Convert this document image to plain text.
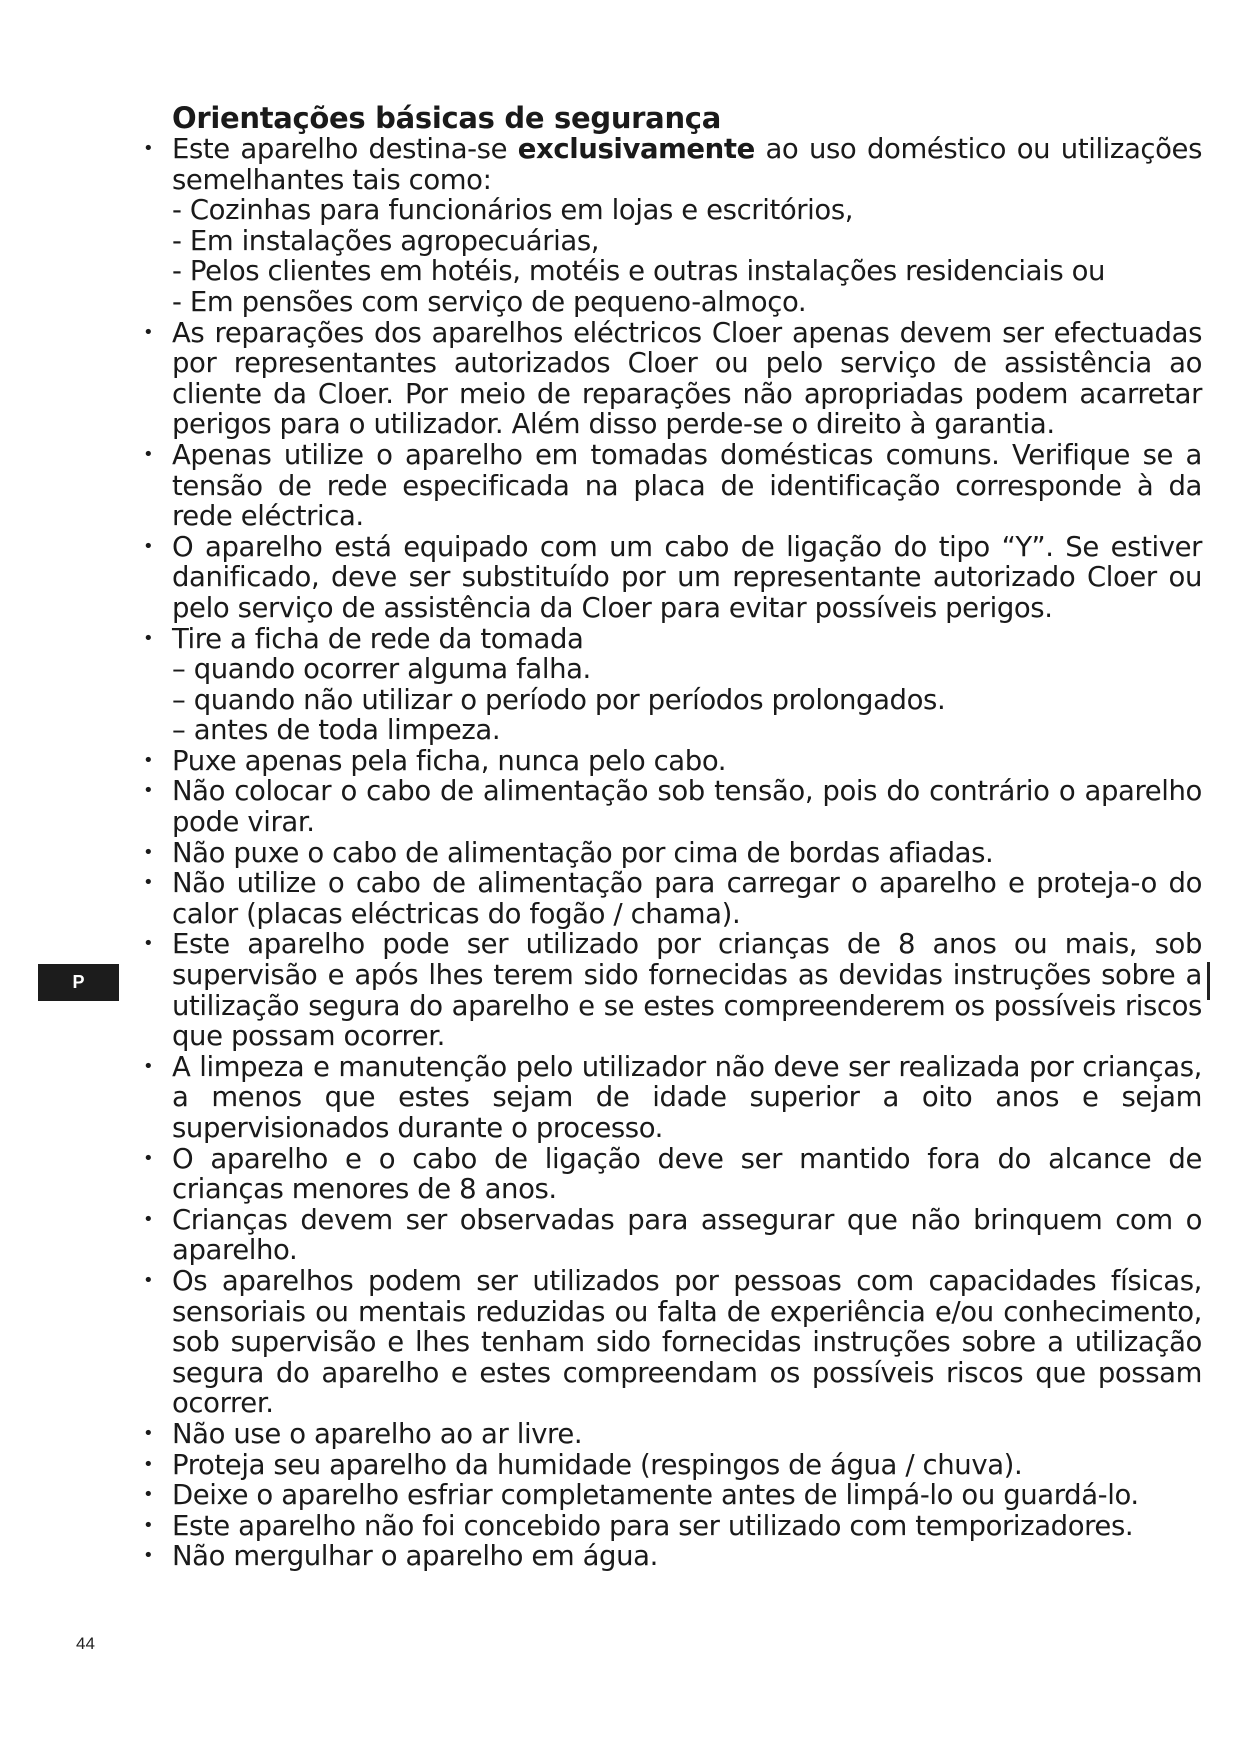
Orientações básicas de segurança
• Este aparelho destina-se exclusivamente ao uso doméstico ou utilizações semelhantes tais como:
- Cozinhas para funcionários em lojas e escritórios,
- Em instalações agropecuárias,
- Pelos clientes em hotéis, motéis e outras instalações residenciais ou
- Em pensões com serviço de pequeno-almoço.
• As reparações dos aparelhos eléctricos Cloer apenas devem ser efectuadas por representantes autorizados Cloer ou pelo serviço de assistência ao cliente da Cloer. Por meio de reparações não apropriadas podem acarretar perigos para o utilizador. Além disso perde-se o direito à garantia.
• Apenas utilize o aparelho em tomadas domésticas comuns. Verifique se a tensão de rede especificada na placa de identificação corresponde à da rede eléctrica.
• O aparelho está equipado com um cabo de ligação do tipo “Y”. Se estiver danificado, deve ser substituído por um representante autorizado Cloer ou pelo serviço de assistência da Cloer para evitar possíveis perigos.
• Tire a ficha de rede da tomada
– quando ocorrer alguma falha.
– quando não utilizar o período por períodos prolongados.
– antes de toda limpeza.
• Puxe apenas pela ficha, nunca pelo cabo.
• Não colocar o cabo de alimentação sob tensão, pois do contrário o aparelho pode virar.
• Não puxe o cabo de alimentação por cima de bordas afiadas.
• Não utilize o cabo de alimentação para carregar o aparelho e proteja-o do calor (placas eléctricas do fogão / chama).
• Este aparelho pode ser utilizado por crianças de 8 anos ou mais, sob supervisão e após lhes terem sido fornecidas as devidas instruções sobre a utilização segura do aparelho e se estes compreenderem os possíveis riscos que possam ocorrer.
• A limpeza e manutenção pelo utilizador não deve ser realizada por crianças, a menos que estes sejam de idade superior a oito anos e sejam supervisionados durante o processo.
• O aparelho e o cabo de ligação deve ser mantido fora do alcance de crianças menores de 8 anos.
• Crianças devem ser observadas para assegurar que não brinquem com o aparelho.
• Os aparelhos podem ser utilizados por pessoas com capacidades físicas, sensoriais ou mentais reduzidas ou falta de experiência e/ou conhecimento, sob supervisão e lhes tenham sido fornecidas instruções sobre a utilização segura do aparelho e estes compreendam os possíveis riscos que possam ocorrer.
• Não use o aparelho ao ar livre.
• Proteja seu aparelho da humidade (respingos de água / chuva).
• Deixe o aparelho esfriar completamente antes de limpá-lo ou guardá-lo.
• Este aparelho não foi concebido para ser utilizado com temporizadores.
• Não mergulhar o aparelho em água.
P
44
